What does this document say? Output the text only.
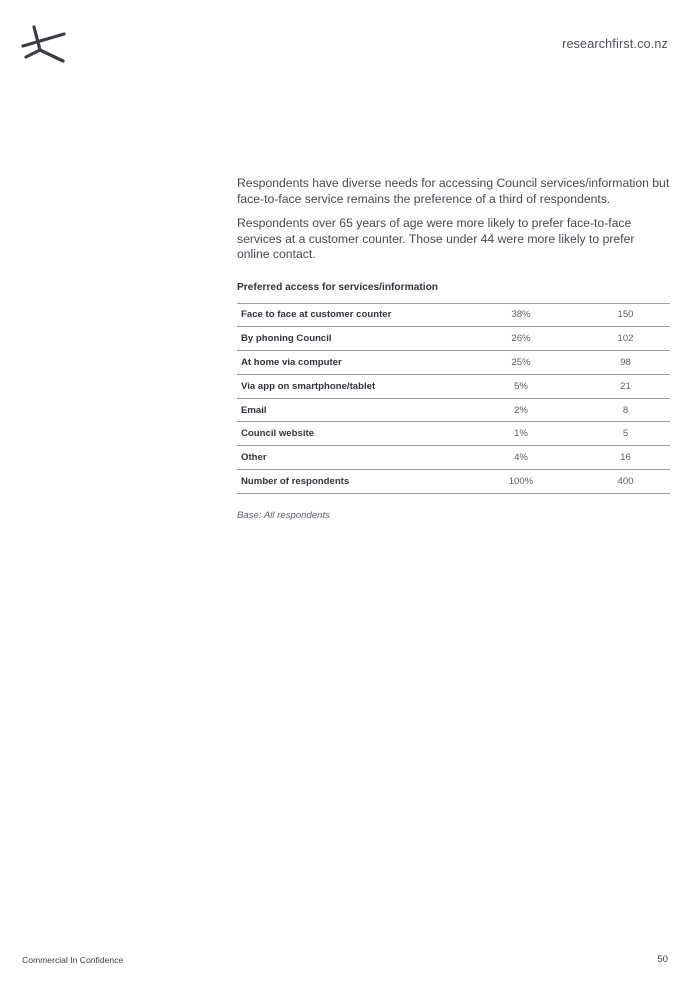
researchfirst.co.nz

Respondents have diverse needs for accessing Council services/information but face-to-face service remains the preference of a third of respondents.

Respondents over 65 years of age were more likely to prefer face-to-face services at a customer counter. Those under 44 were more likely to prefer online contact.

Preferred access for services/information
Face to face at customer counter	38%	150
By phoning Council	26%	102
At home via computer	25%	98
Via app on smartphone/tablet	5%	21
Email	2%	8
Council website	1%	5
Other	4%	16
Number of respondents	100%	400
Base: All respondents
Commercial In Confidence	50
